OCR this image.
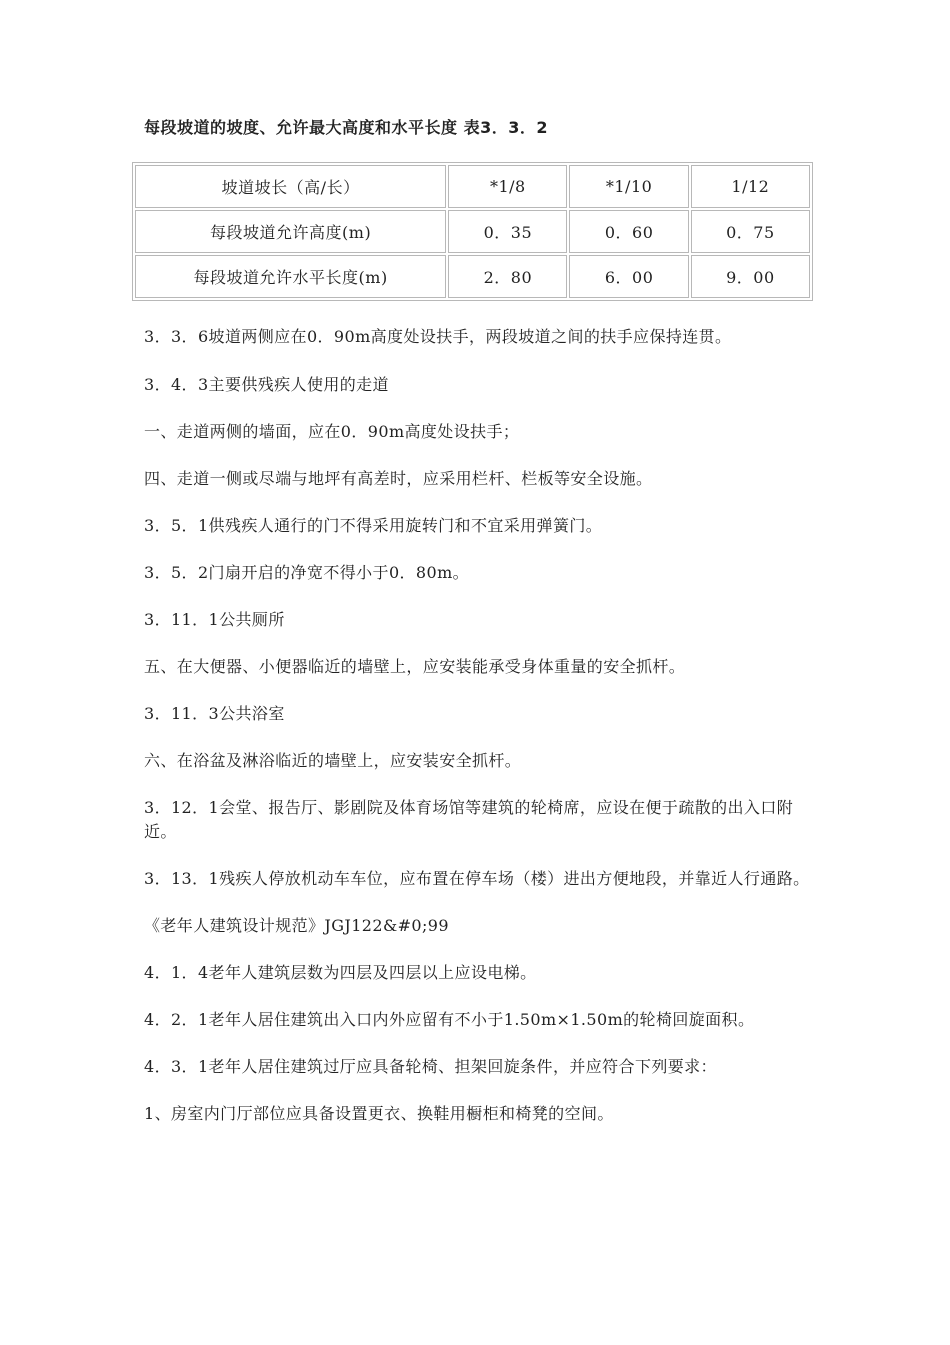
每段坡道的坡度、允许最大高度和水平长度 表3．3．2

坡道坡长（高/长）	*1/8	*1/10	1/12
每段坡道允许高度(m)	0．35	0．60	0．75
每段坡道允许水平长度(m)	2．80	6．00	9．00

3．3．6坡道两侧应在0．90m高度处设扶手，两段坡道之间的扶手应保持连贯。

3．4．3主要供残疾人使用的走道

一、走道两侧的墙面，应在0．90m高度处设扶手；

四、走道一侧或尽端与地坪有高差时，应采用栏杆、栏板等安全设施。

3．5．1供残疾人通行的门不得采用旋转门和不宜采用弹簧门。

3．5．2门扇开启的净宽不得小于0．80m。

3．11．1公共厕所

五、在大便器、小便器临近的墙壁上，应安装能承受身体重量的安全抓杆。

3．11．3公共浴室

六、在浴盆及淋浴临近的墙壁上，应安装安全抓杆。

3．12．1会堂、报告厅、影剧院及体育场馆等建筑的轮椅席，应设在便于疏散的出入口附近。

3．13．1残疾人停放机动车车位，应布置在停车场（楼）进出方便地段，并靠近人行通路。

《老年人建筑设计规范》JGJ122&#0;99

4．1．4老年人建筑层数为四层及四层以上应设电梯。

4．2．1老年人居住建筑出入口内外应留有不小于1.50m×1.50m的轮椅回旋面积。

4．3．1老年人居住建筑过厅应具备轮椅、担架回旋条件，并应符合下列要求：

1、房室内门厅部位应具备设置更衣、换鞋用橱柜和椅凳的空间。
